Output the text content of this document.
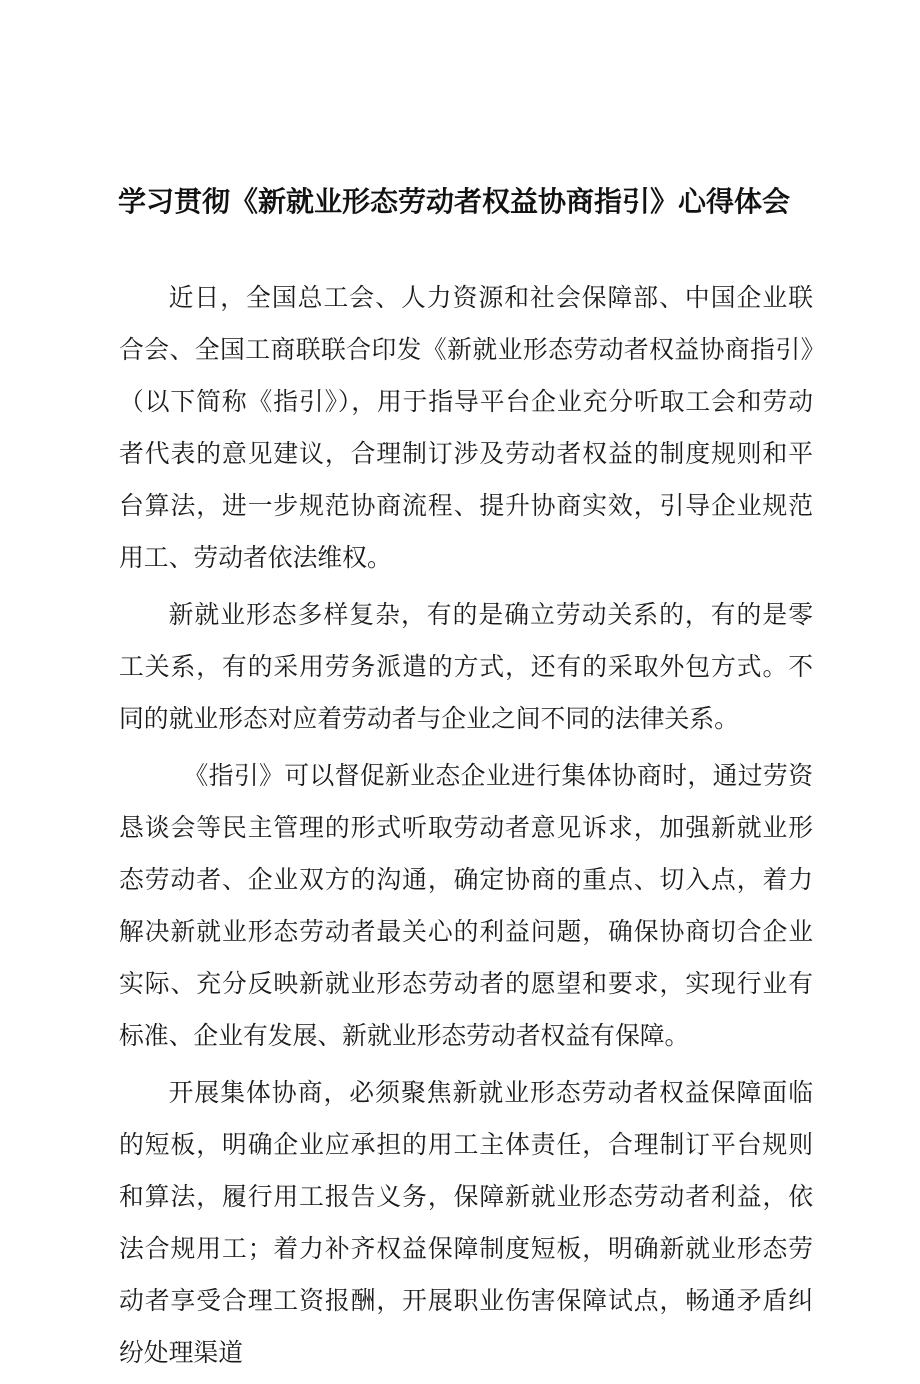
学习贯彻《新就业形态劳动者权益协商指引》心得体会

近日，全国总工会、人力资源和社会保障部、中国企业联合会、全国工商联联合印发《新就业形态劳动者权益协商指引》（以下简称《指引》），用于指导平台企业充分听取工会和劳动者代表的意见建议，合理制订涉及劳动者权益的制度规则和平台算法，进一步规范协商流程、提升协商实效，引导企业规范用工、劳动者依法维权。

新就业形态多样复杂，有的是确立劳动关系的，有的是零工关系，有的采用劳务派遣的方式，还有的采取外包方式。不同的就业形态对应着劳动者与企业之间不同的法律关系。

《指引》可以督促新业态企业进行集体协商时，通过劳资恳谈会等民主管理的形式听取劳动者意见诉求，加强新就业形态劳动者、企业双方的沟通，确定协商的重点、切入点，着力解决新就业形态劳动者最关心的利益问题，确保协商切合企业实际、充分反映新就业形态劳动者的愿望和要求，实现行业有标准、企业有发展、新就业形态劳动者权益有保障。

开展集体协商，必须聚焦新就业形态劳动者权益保障面临的短板，明确企业应承担的用工主体责任，合理制订平台规则和算法，履行用工报告义务，保障新就业形态劳动者利益，依法合规用工；着力补齐权益保障制度短板，明确新就业形态劳动者享受合理工资报酬，开展职业伤害保障试点，畅通矛盾纠纷处理渠道
